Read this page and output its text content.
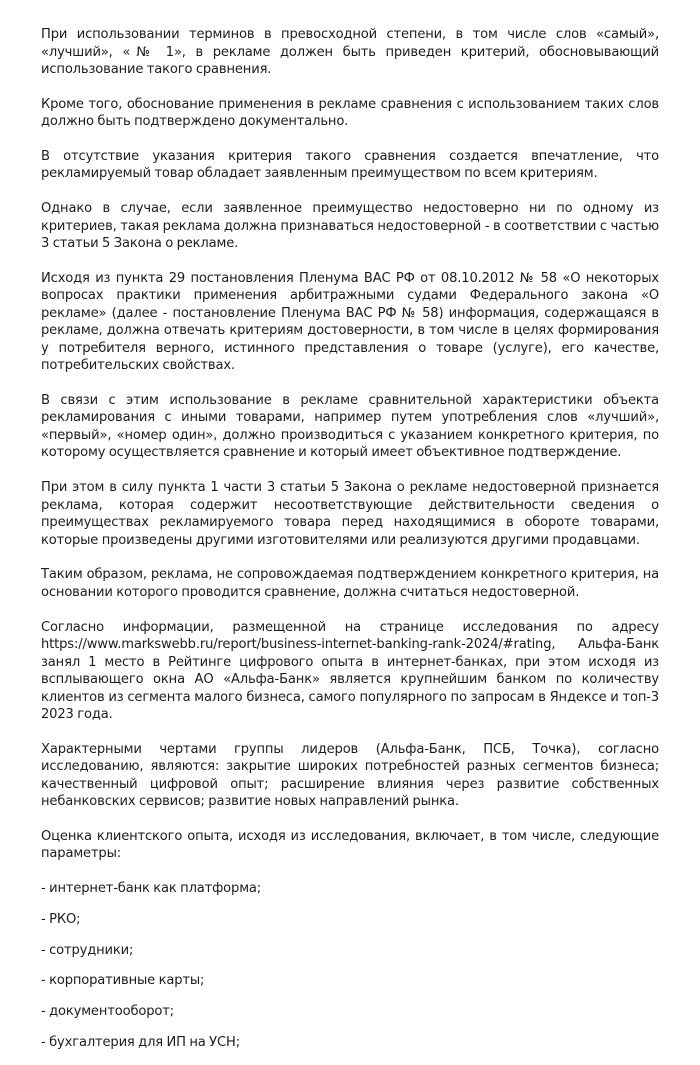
При использовании терминов в превосходной степени, в том числе слов «самый», «лучший», «№ 1», в рекламе должен быть приведен критерий, обосновывающий использование такого сравнения.

Кроме того, обоснование применения в рекламе сравнения с использованием таких слов должно быть подтверждено документально.

В отсутствие указания критерия такого сравнения создается впечатление, что рекламируемый товар обладает заявленным преимуществом по всем критериям.

Однако в случае, если заявленное преимущество недостоверно ни по одному из критериев, такая реклама должна признаваться недостоверной - в соответствии с частью 3 статьи 5 Закона о рекламе.

Исходя из пункта 29 постановления Пленума ВАС РФ от 08.10.2012 № 58 «О некоторых вопросах практики применения арбитражными судами Федерального закона «О рекламе» (далее - постановление Пленума ВАС РФ № 58) информация, содержащаяся в рекламе, должна отвечать критериям достоверности, в том числе в целях формирования у потребителя верного, истинного представления о товаре (услуге), его качестве, потребительских свойствах.

В связи с этим использование в рекламе сравнительной характеристики объекта рекламирования с иными товарами, например путем употребления слов «лучший», «первый», «номер один», должно производиться с указанием конкретного критерия, по которому осуществляется сравнение и который имеет объективное подтверждение.

При этом в силу пункта 1 части 3 статьи 5 Закона о рекламе недостоверной признается реклама, которая содержит несоответствующие действительности сведения о преимуществах рекламируемого товара перед находящимися в обороте товарами, которые произведены другими изготовителями или реализуются другими продавцами.

Таким образом, реклама, не сопровождаемая подтверждением конкретного критерия, на основании которого проводится сравнение, должна считаться недостоверной.

Согласно информации, размещенной на странице исследования по адресу https://www.markswebb.ru/report/business-internet-banking-rank-2024/#rating, Альфа-Банк занял 1 место в Рейтинге цифрового опыта в интернет-банках, при этом исходя из всплывающего окна АО «Альфа-Банк» является крупнейшим банком по количеству клиентов из сегмента малого бизнеса, самого популярного по запросам в Яндексе и топ-3 2023 года.

Характерными чертами группы лидеров (Альфа-Банк, ПСБ, Точка), согласно исследованию, являются: закрытие широких потребностей разных сегментов бизнеса; качественный цифровой опыт; расширение влияния через развитие собственных небанковских сервисов; развитие новых направлений рынка.

Оценка клиентского опыта, исходя из исследования, включает, в том числе, следующие параметры:

- интернет-банк как платформа;
- РКО;
- сотрудники;
- корпоративные карты;
- документооборот;
- бухгалтерия для ИП на УСН;
